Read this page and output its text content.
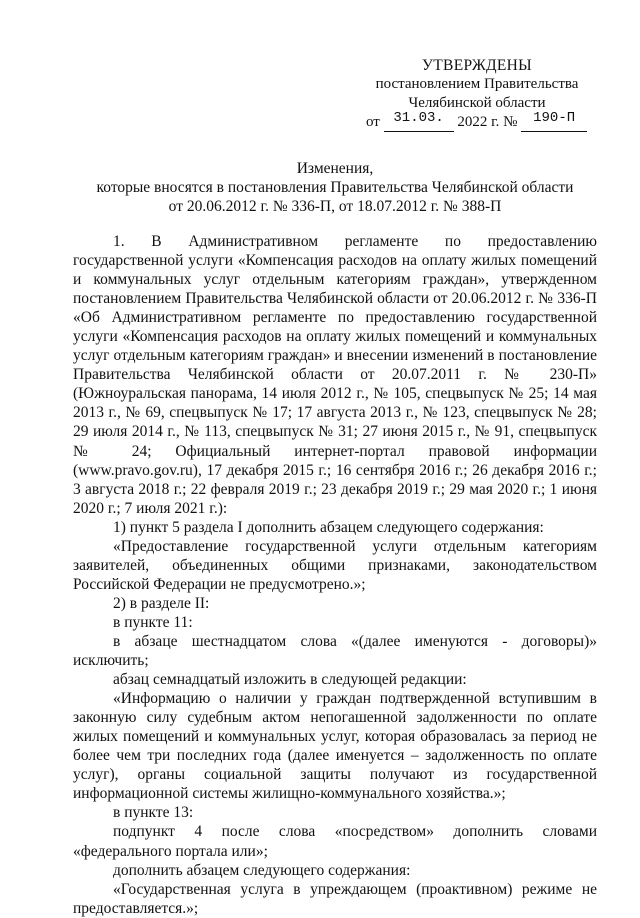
УТВЕРЖДЕНЫ
постановлением Правительства
Челябинской области
от 31.03. 2022 г. № 190-П
Изменения,
которые вносятся в постановления Правительства Челябинской области
от 20.06.2012 г. № 336-П, от 18.07.2012 г. № 388-П

1. В Административном регламенте по предоставлению государственной услуги «Компенсация расходов на оплату жилых помещений и коммунальных услуг отдельным категориям граждан», утвержденном постановлением Правительства Челябинской области от 20.06.2012 г. № 336-П «Об Административном регламенте по предоставлению государственной услуги «Компенсация расходов на оплату жилых помещений и коммунальных услуг отдельным категориям граждан» и внесении изменений в постановление Правительства Челябинской области от 20.07.2011 г. № 230-П» (Южноуральская панорама, 14 июля 2012 г., № 105, спецвыпуск № 25; 14 мая 2013 г., № 69, спецвыпуск № 17; 17 августа 2013 г., № 123, спецвыпуск № 28; 29 июля 2014 г., № 113, спецвыпуск № 31; 27 июня 2015 г., № 91, спецвыпуск № 24; Официальный интернет-портал правовой информации (www.pravo.gov.ru), 17 декабря 2015 г.; 16 сентября 2016 г.; 26 декабря 2016 г.; 3 августа 2018 г.; 22 февраля 2019 г.; 23 декабря 2019 г.; 29 мая 2020 г.; 1 июня 2020 г.; 7 июля 2021 г.):

1) пункт 5 раздела I дополнить абзацем следующего содержания:

«Предоставление государственной услуги отдельным категориям заявителей, объединенных общими признаками, законодательством Российской Федерации не предусмотрено.»;

2) в разделе II:

в пункте 11:

в абзаце шестнадцатом слова «(далее именуются - договоры)» исключить;

абзац семнадцатый изложить в следующей редакции:

«Информацию о наличии у граждан подтвержденной вступившим в законную силу судебным актом непогашенной задолженности по оплате жилых помещений и коммунальных услуг, которая образовалась за период не более чем три последних года (далее именуется – задолженность по оплате услуг), органы социальной защиты получают из государственной информационной системы жилищно-коммунального хозяйства.»;

в пункте 13:

подпункт 4 после слова «посредством» дополнить словами «федерального портала или»;

дополнить абзацем следующего содержания:

«Государственная услуга в упреждающем (проактивном) режиме не предоставляется.»;
